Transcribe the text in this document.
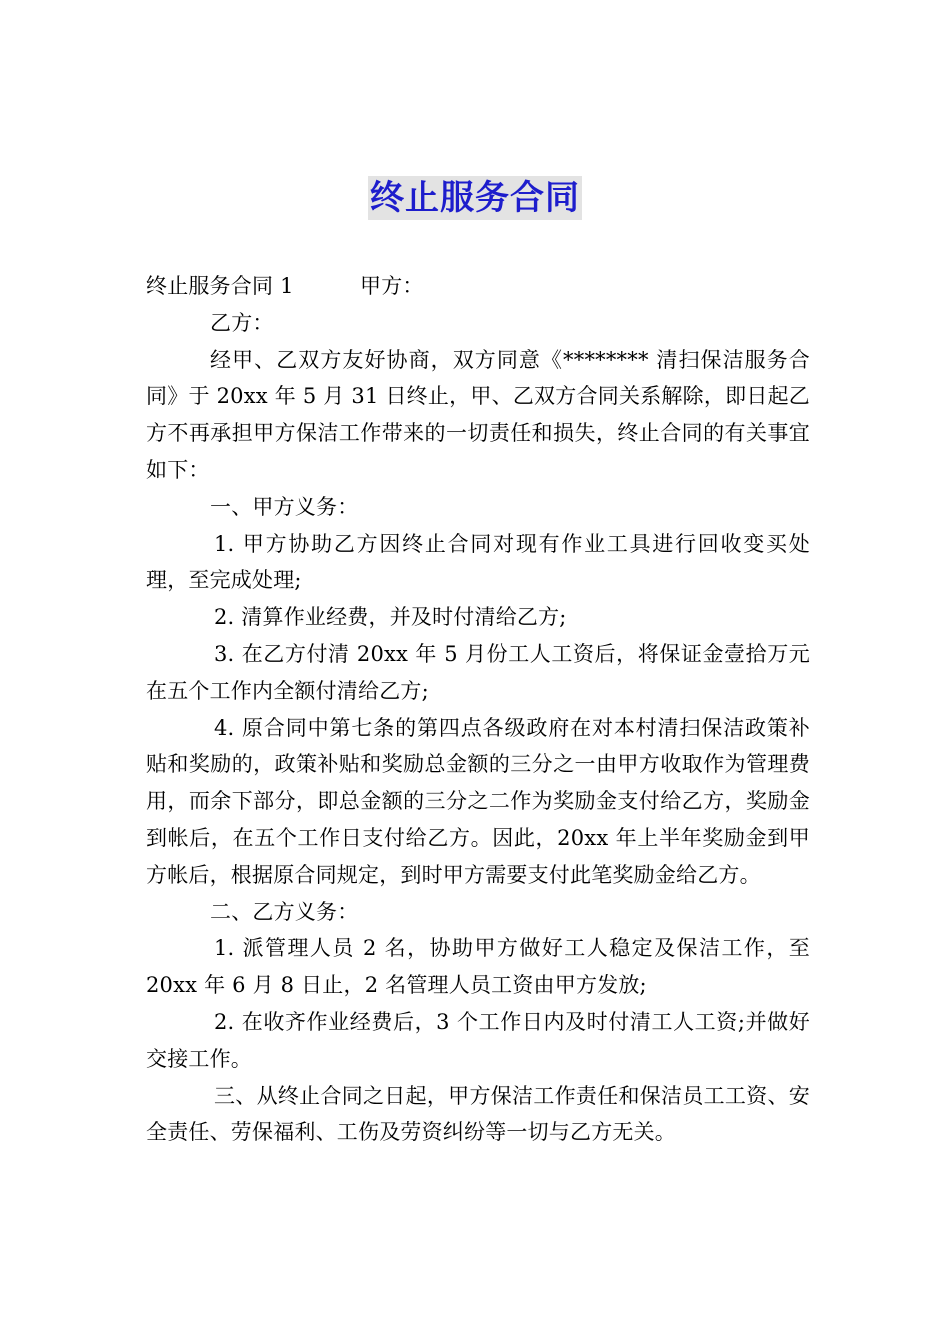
终止服务合同

终止服务合同 1	甲方：

乙方：

经甲、乙双方友好协商，双方同意《******** 清扫保洁服务合同》于 20xx 年 5 月 31 日终止，甲、乙双方合同关系解除，即日起乙方不再承担甲方保洁工作带来的一切责任和损失，终止合同的有关事宜如下：

一、甲方义务：

1. 甲方协助乙方因终止合同对现有作业工具进行回收变买处理，至完成处理;

2. 清算作业经费，并及时付清给乙方;

3. 在乙方付清 20xx 年 5 月份工人工资后，将保证金壹拾万元在五个工作内全额付清给乙方;

4. 原合同中第七条的第四点各级政府在对本村清扫保洁政策补贴和奖励的，政策补贴和奖励总金额的三分之一由甲方收取作为管理费用，而余下部分，即总金额的三分之二作为奖励金支付给乙方，奖励金到帐后，在五个工作日支付给乙方。因此，20xx 年上半年奖励金到甲方帐后，根据原合同规定，到时甲方需要支付此笔奖励金给乙方。

二、乙方义务：

1. 派管理人员 2 名，协助甲方做好工人稳定及保洁工作，至 20xx 年 6 月 8 日止，2 名管理人员工资由甲方发放;

2. 在收齐作业经费后，3 个工作日内及时付清工人工资;并做好交接工作。

三、从终止合同之日起，甲方保洁工作责任和保洁员工工资、安全责任、劳保福利、工伤及劳资纠纷等一切与乙方无关。
